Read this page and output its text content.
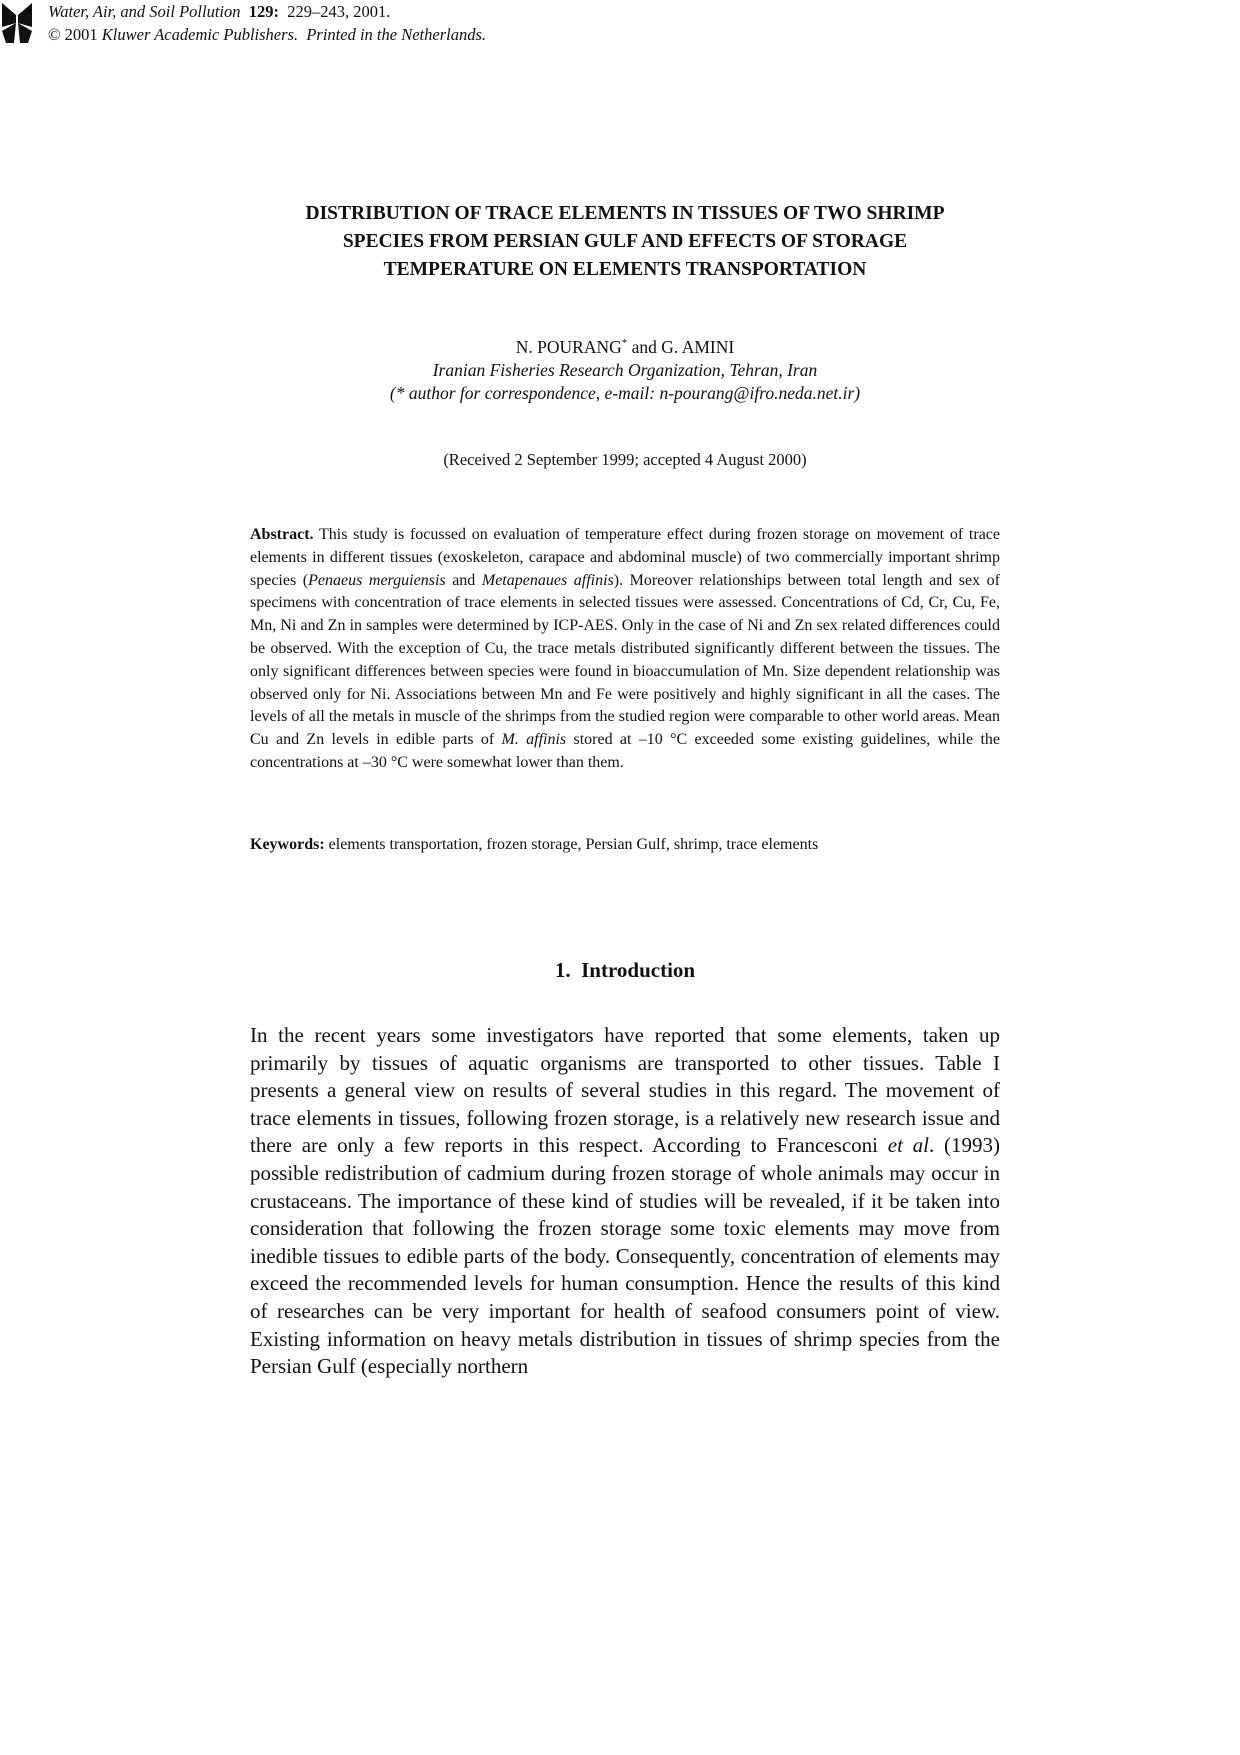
DISTRIBUTION OF TRACE ELEMENTS IN TISSUES OF TWO SHRIMP
SPECIES FROM PERSIAN GULF AND EFFECTS OF STORAGE
TEMPERATURE ON ELEMENTS TRANSPORTATION
N. POURANG* and G. AMINI
Iranian Fisheries Research Organization, Tehran, Iran
(* author for correspondence, e-mail: n-pourang@ifro.neda.net.ir)
(Received 2 September 1999; accepted 4 August 2000)
Abstract. This study is focussed on evaluation of temperature effect during frozen storage on movement of trace elements in different tissues (exoskeleton, carapace and abdominal muscle) of two commercially important shrimp species (Penaeus merguiensis and Metapenaues affinis). Moreover relationships between total length and sex of specimens with concentration of trace elements in selected tissues were assessed. Concentrations of Cd, Cr, Cu, Fe, Mn, Ni and Zn in samples were determined by ICP-AES. Only in the case of Ni and Zn sex related differences could be observed. With the exception of Cu, the trace metals distributed significantly different between the tissues. The only significant differences between species were found in bioaccumulation of Mn. Size dependent relationship was observed only for Ni. Associations between Mn and Fe were positively and highly significant in all the cases. The levels of all the metals in muscle of the shrimps from the studied region were comparable to other world areas. Mean Cu and Zn levels in edible parts of M. affinis stored at –10 °C exceeded some existing guidelines, while the concentrations at –30 °C were somewhat lower than them.
Keywords: elements transportation, frozen storage, Persian Gulf, shrimp, trace elements
1.  Introduction
In the recent years some investigators have reported that some elements, taken up primarily by tissues of aquatic organisms are transported to other tissues. Table I presents a general view on results of several studies in this regard. The movement of trace elements in tissues, following frozen storage, is a relatively new research issue and there are only a few reports in this respect. According to Francesconi et al. (1993) possible redistribution of cadmium during frozen storage of whole animals may occur in crustaceans. The importance of these kind of studies will be revealed, if it be taken into consideration that following the frozen storage some toxic elements may move from inedible tissues to edible parts of the body. Consequently, concentration of elements may exceed the recommended levels for human consumption. Hence the results of this kind of researches can be very important for health of seafood consumers point of view. Existing information on heavy metals distribution in tissues of shrimp species from the Persian Gulf (especially northern
Water, Air, and Soil Pollution 129: 229–243, 2001.
© 2001 Kluwer Academic Publishers.  Printed in the Netherlands.
